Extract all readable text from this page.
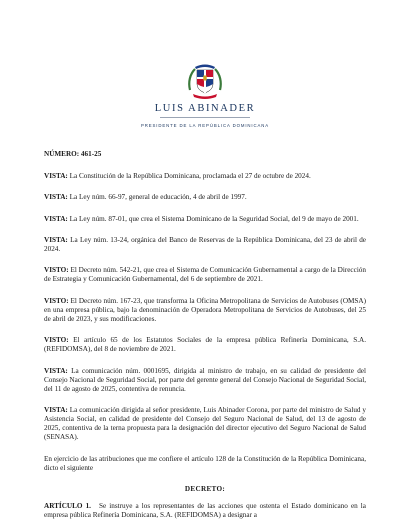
LUIS ABINADER
PRESIDENTE DE LA REPÚBLICA DOMINICANA

NÚMERO: 461-25

VISTA: La Constitución de la República Dominicana, proclamada el 27 de octubre de 2024.

VISTA: La Ley núm. 66-97, general de educación, 4 de abril de 1997.

VISTA: La Ley núm. 87-01, que crea el Sistema Dominicano de la Seguridad Social, del 9 de mayo de 2001.

VISTA: La Ley núm. 13-24, orgánica del Banco de Reservas de la República Dominicana, del 23 de abril de 2024.

VISTO: El Decreto núm. 542-21, que crea el Sistema de Comunicación Gubernamental a cargo de la Dirección de Estrategia y Comunicación Gubernamental, del 6 de septiembre de 2021.

VISTO: El Decreto núm. 167-23, que transforma la Oficina Metropolitana de Servicios de Autobuses (OMSA) en una empresa pública, bajo la denominación de Operadora Metropolitana de Servicios de Autobuses, del 25 de abril de 2023, y sus modificaciones.

VISTO: El artículo 65 de los Estatutos Sociales de la empresa pública Refinería Dominicana, S.A. (REFIDOMSA), del 8 de noviembre de 2021.

VISTA: La comunicación núm. 0001695, dirigida al ministro de trabajo, en su calidad de presidente del Consejo Nacional de Seguridad Social, por parte del gerente general del Consejo Nacional de Seguridad Social, del 11 de agosto de 2025, contentiva de renuncia.

VISTA: La comunicación dirigida al señor presidente, Luis Abinader Corona, por parte del ministro de Salud y Asistencia Social, en calidad de presidente del Consejo del Seguro Nacional de Salud, del 13 de agosto de 2025, contentiva de la terna propuesta para la designación del director ejecutivo del Seguro Nacional de Salud (SENASA).

En ejercicio de las atribuciones que me confiere el artículo 128 de la Constitución de la República Dominicana, dicto el siguiente

DECRETO:

ARTÍCULO 1. Se instruye a los representantes de las acciones que ostenta el Estado dominicano en la empresa pública Refinería Dominicana, S.A. (REFIDOMSA) a designar a
